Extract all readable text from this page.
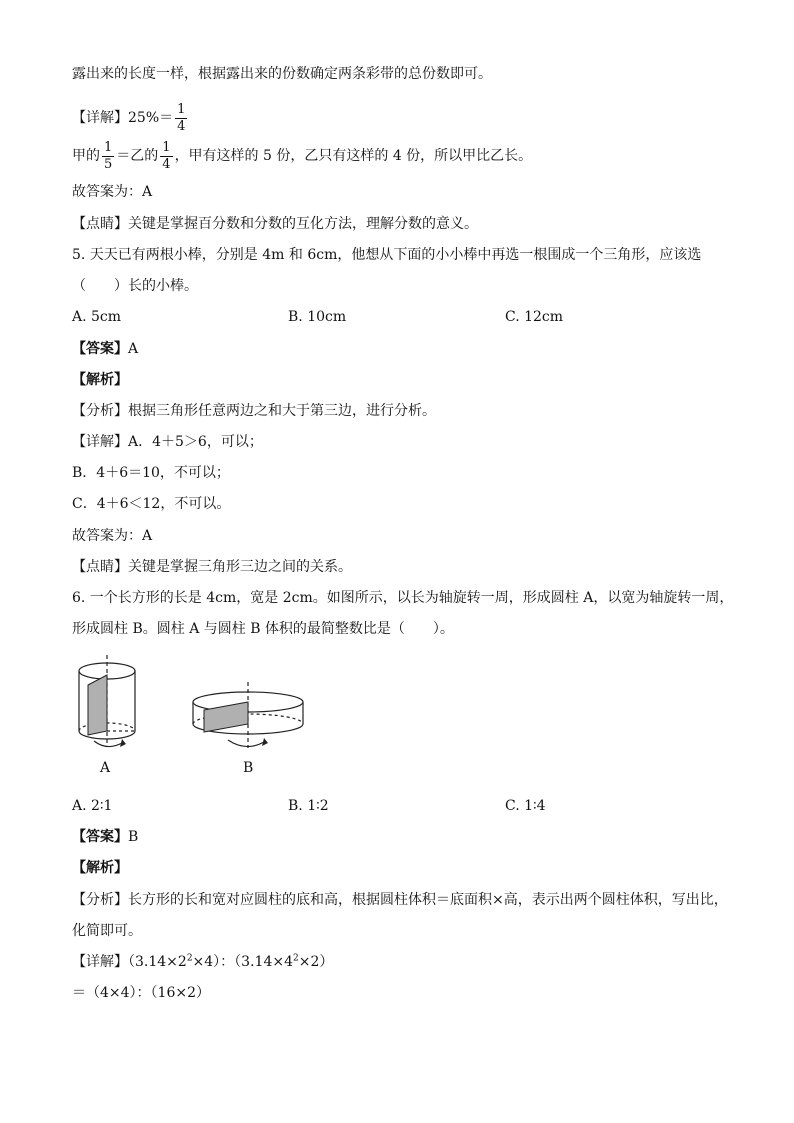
露出来的长度一样，根据露出来的份数确定两条彩带的总份数即可。
【详解】$25\%= \frac{1}{4}$
甲的 $\frac{1}{5}$ ＝乙的 $\frac{1}{4}$ ，甲有这样的 5 份，乙只有这样的 4 份，所以甲比乙长。
故答案为：A
【点睛】关键是掌握百分数和分数的互化方法，理解分数的意义。
5. 天天已有两根小棒，分别是 4m 和 6cm，他想从下面的小小棒中再选一根围成一个三角形，应该选
（　　）长的小棒。
A. 5cm	B. 10cm	C. 12cm
【答案】A
【解析】
【分析】根据三角形任意两边之和大于第三边，进行分析。
【详解】A．4＋5＞6，可以；
B．4＋6＝10，不可以；
C．4＋6＜12，不可以。
故答案为：A
【点睛】关键是掌握三角形三边之间的关系。
6. 一个长方形的长是 4cm，宽是 2cm。如图所示，以长为轴旋转一周，形成圆柱 A，以宽为轴旋转一周，
形成圆柱 B。圆柱 A 与圆柱 B 体积的最简整数比是（　　）。
A	B
A. 2∶1	B. 1∶2	C. 1∶4
【答案】B
【解析】
【分析】长方形的长和宽对应圆柱的底和高，根据圆柱体积＝底面积×高，表示出两个圆柱体积，写出比，
化简即可。
【详解】$(3.14\times 2^2\times 4)$：$(3.14\times 4^2\times 2)$
＝（4×4）：（16×2）
